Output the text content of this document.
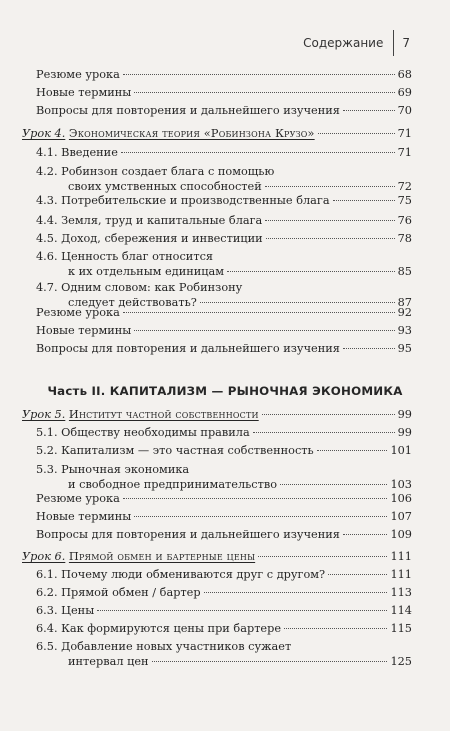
Содержание 7
Резюме урока	68
Новые термины	69
Вопросы для повторения и дальнейшего изучения	70
Урок 4. Экономическая теория «Робинзона Крузо»	71
4.1. Введение	71
4.2. Робинзон создает блага с помощью
своих умственных способностей	72
4.3. Потребительские и производственные блага	75
4.4. Земля, труд и капитальные блага	76
4.5. Доход, сбережения и инвестиции	78
4.6. Ценность благ относится
к их отдельным единицам	85
4.7. Одним словом: как Робинзону
следует действовать?	87
Резюме урока	92
Новые термины	93
Вопросы для повторения и дальнейшего изучения	95
Часть II. КАПИТАЛИЗМ — РЫНОЧНАЯ ЭКОНОМИКА
Урок 5. Институт частной собственности	99
5.1. Обществу необходимы правила	99
5.2. Капитализм — это частная собственность	101
5.3. Рыночная экономика
и свободное предпринимательство	103
Резюме урока	106
Новые термины	107
Вопросы для повторения и дальнейшего изучения	109
Урок 6. Прямой обмен и бартерные цены	111
6.1. Почему люди обмениваются друг с другом?	111
6.2. Прямой обмен / бартер	113
6.3. Цены	114
6.4. Как формируются цены при бартере	115
6.5. Добавление новых участников сужает
интервал цен	125
